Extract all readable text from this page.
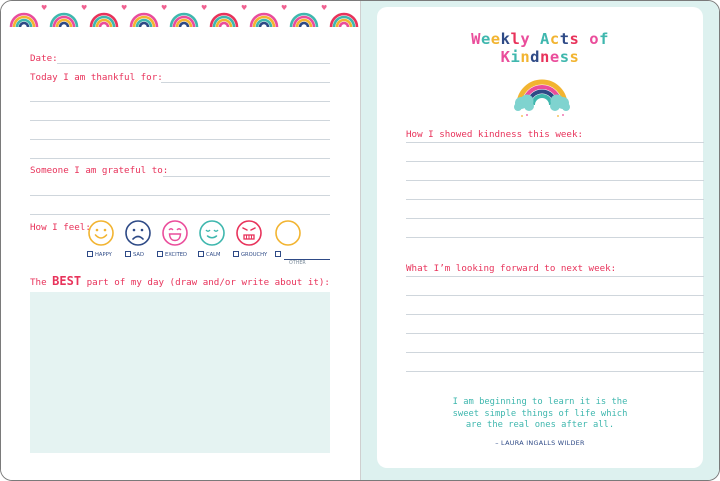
♥	♥	♥	♥	♥	♥	♥	♥
Date:
Today I am thankful for:
Someone I am grateful to:
How I feel:
HAPPY	SAD	EXCITED	CALM	GROUCHY
OTHER
The BEST part of my day (draw and/or write about it):
Weekly Acts of
Kindness
How I showed kindness this week:
What I’m looking forward to next week:
I am beginning to learn it is the
sweet simple things of life which
are the real ones after all.
– LAURA INGALLS WILDER
